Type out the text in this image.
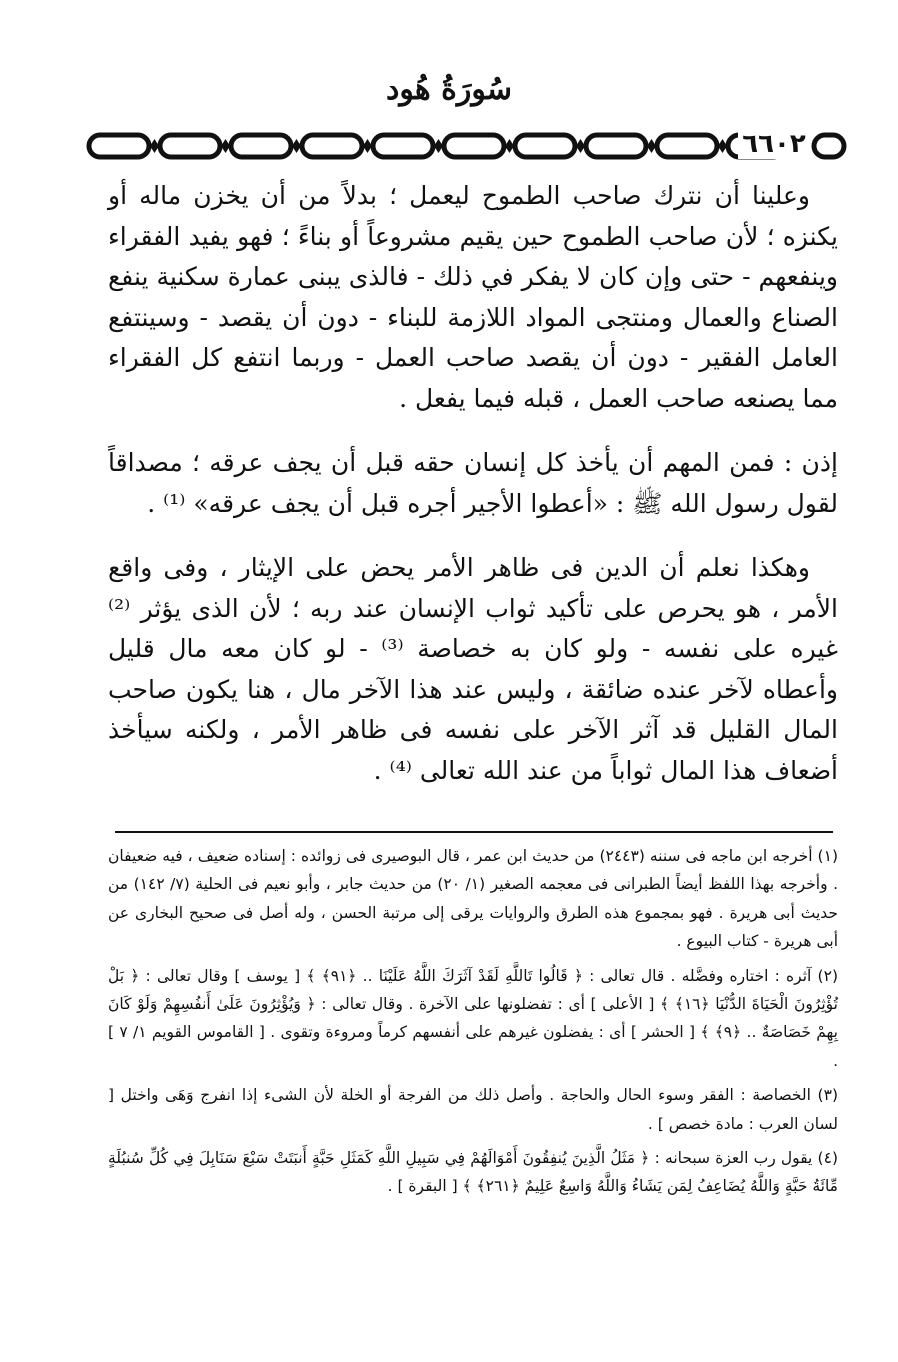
سُورَةُ هُود
٦٦٠٢

وعلينا أن نترك صاحب الطموح ليعمل ؛ بدلاً من أن يخزن ماله أو يكنزه ؛ لأن صاحب الطموح حين يقيم مشروعاً أو بناءً ؛ فهو يفيد الفقراء وينفعهم - حتى وإن كان لا يفكر في ذلك - فالذى يبنى عمارة سكنية ينفع الصناع والعمال ومنتجى المواد اللازمة للبناء - دون أن يقصد - وسينتفع العامل الفقير - دون أن يقصد صاحب العمل - وربما انتفع كل الفقراء مما يصنعه صاحب العمل ، قبله فيما يفعل .

إذن : فمن المهم أن يأخذ كل إنسان حقه قبل أن يجف عرقه ؛ مصداقاً لقول رسول الله ﷺ : «أعطوا الأجير أجره قبل أن يجف عرقه» ⁽¹⁾ .

وهكذا نعلم أن الدين فى ظاهر الأمر يحض على الإيثار ، وفى واقع الأمر ، هو يحرص على تأكيد ثواب الإنسان عند ربه ؛ لأن الذى يؤثر ⁽²⁾ غيره على نفسه - ولو كان به خصاصة ⁽³⁾ - لو كان معه مال قليل وأعطاه لآخر عنده ضائقة ، وليس عند هذا الآخر مال ، هنا يكون صاحب المال القليل قد آثر الآخر على نفسه فى ظاهر الأمر ، ولكنه سيأخذ أضعاف هذا المال ثواباً من عند الله تعالى ⁽⁴⁾ .

(١) أخرجه ابن ماجه فى سننه (٢٤٤٣) من حديث ابن عمر ، قال البوصيرى فى زوائده : إسناده ضعيف ، فيه ضعيفان . وأخرجه بهذا اللفظ أيضاً الطبرانى فى معجمه الصغير (١/ ٢٠) من حديث جابر ، وأبو نعيم فى الحلية (٧/ ١٤٢) من حديث أبى هريرة . فهو بمجموع هذه الطرق والروايات يرقى إلى مرتبة الحسن ، وله أصل فى صحيح البخارى عن أبى هريرة - كتاب البيوع .

(٢) آثره : اختاره وفضَّله . قال تعالى : ﴿ قَالُوا تَاللَّهِ لَقَدْ آثَرَكَ اللَّهُ عَلَيْنَا .. ﴿٩١﴾ ﴾ [ يوسف ] وقال تعالى : ﴿ بَلْ تُؤْثِرُونَ الْحَيَاةَ الدُّنْيَا ﴿١٦﴾ ﴾ [ الأعلى ] أى : تفضلونها على الآخرة . وقال تعالى : ﴿ وَيُؤْثِرُونَ عَلَىٰ أَنفُسِهِمْ وَلَوْ كَانَ بِهِمْ خَصَاصَةٌ .. ﴿٩﴾ ﴾ [ الحشر ] أى : يفضلون غيرهم على أنفسهم كرماً ومروءة وتقوى . [ القاموس القويم ١/ ٧ ] .

(٣) الخصاصة : الفقر وسوء الحال والحاجة . وأصل ذلك من الفرجة أو الخلة لأن الشىء إذا انفرج وَهَى واختل [ لسان العرب : مادة خصص ] .

(٤) يقول رب العزة سبحانه : ﴿ مَثَلُ الَّذِينَ يُنفِقُونَ أَمْوَالَهُمْ فِي سَبِيلِ اللَّهِ كَمَثَلِ حَبَّةٍ أَنبَتَتْ سَبْعَ سَنَابِلَ فِي كُلِّ سُنبُلَةٍ مِّائَةُ حَبَّةٍ وَاللَّهُ يُضَاعِفُ لِمَن يَشَاءُ وَاللَّهُ وَاسِعٌ عَلِيمٌ ﴿٢٦١﴾ ﴾ [ البقرة ] .
